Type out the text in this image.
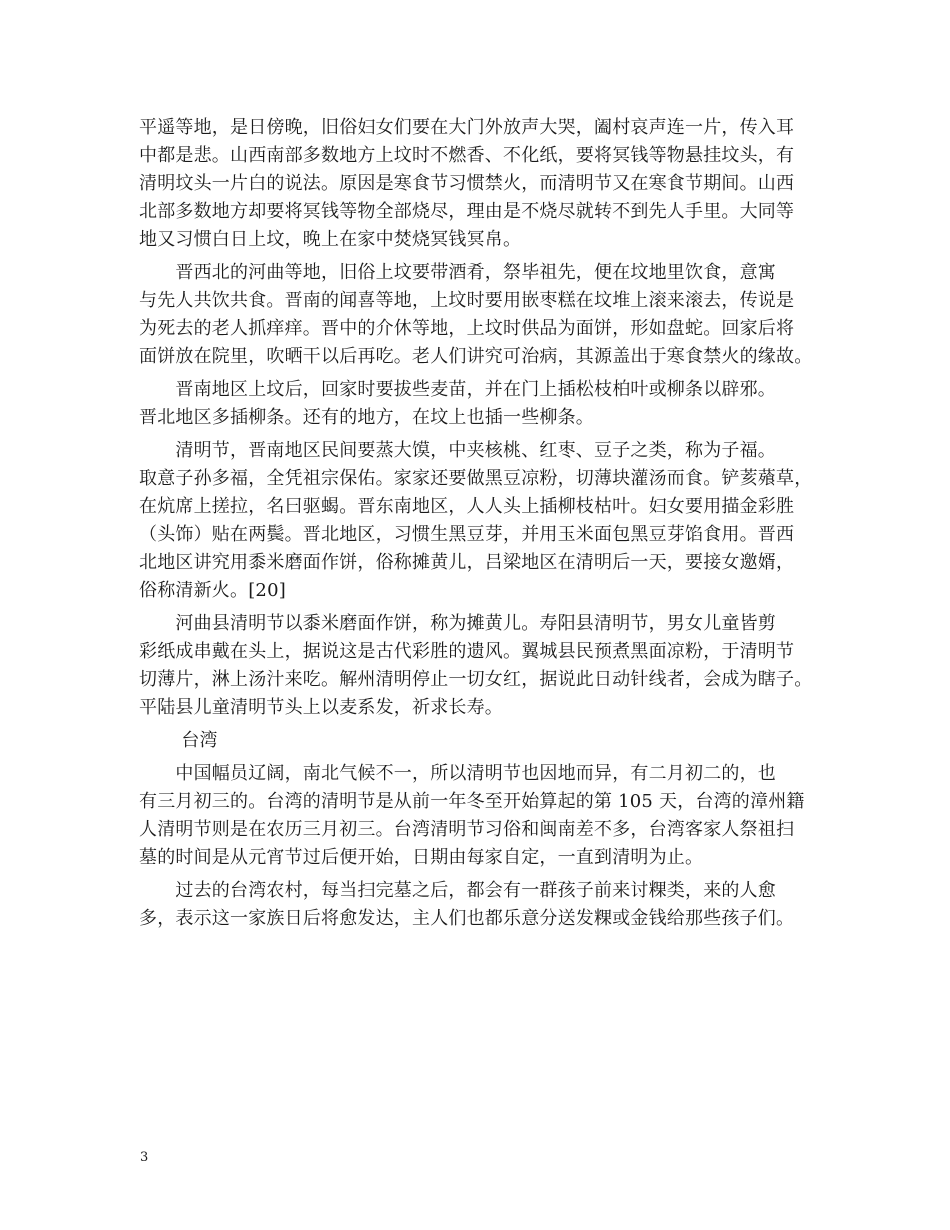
平遥等地，是日傍晚，旧俗妇女们要在大门外放声大哭，阖村哀声连一片，传入耳
中都是悲。山西南部多数地方上坟时不燃香、不化纸，要将冥钱等物悬挂坟头，有
清明坟头一片白的说法。原因是寒食节习惯禁火，而清明节又在寒食节期间。山西
北部多数地方却要将冥钱等物全部烧尽，理由是不烧尽就转不到先人手里。大同等
地又习惯白日上坟，晚上在家中焚烧冥钱冥帛。
　　晋西北的河曲等地，旧俗上坟要带酒肴，祭毕祖先，便在坟地里饮食，意寓
与先人共饮共食。晋南的闻喜等地，上坟时要用嵌枣糕在坟堆上滚来滚去，传说是
为死去的老人抓痒痒。晋中的介休等地，上坟时供品为面饼，形如盘蛇。回家后将
面饼放在院里，吹晒干以后再吃。老人们讲究可治病，其源盖出于寒食禁火的缘故。
　　晋南地区上坟后，回家时要拔些麦苗，并在门上插松枝柏叶或柳条以辟邪。
晋北地区多插柳条。还有的地方，在坟上也插一些柳条。
　　清明节，晋南地区民间要蒸大馍，中夹核桃、红枣、豆子之类，称为子福。
取意子孙多福，全凭祖宗保佑。家家还要做黑豆凉粉，切薄块灌汤而食。铲荄薞草，
在炕席上搓拉，名曰驱蝎。晋东南地区，人人头上插柳枝枯叶。妇女要用描金彩胜
（头饰）贴在两鬓。晋北地区，习惯生黑豆芽，并用玉米面包黑豆芽馅食用。晋西
北地区讲究用黍米磨面作饼，俗称摊黄儿，吕梁地区在清明后一天，要接女邀婿，
俗称清新火。[20]
　　河曲县清明节以黍米磨面作饼，称为摊黄儿。寿阳县清明节，男女儿童皆剪
彩纸成串戴在头上，据说这是古代彩胜的遗风。翼城县民预煮黑面凉粉，于清明节
切薄片，淋上汤汁来吃。解州清明停止一切女红，据说此日动针线者，会成为瞎子。
平陆县儿童清明节头上以麦系发，祈求长寿。
　　 台湾
　　中国幅员辽阔，南北气候不一，所以清明节也因地而异，有二月初二的，也
有三月初三的。台湾的清明节是从前一年冬至开始算起的第 105 天，台湾的漳州籍
人清明节则是在农历三月初三。台湾清明节习俗和闽南差不多，台湾客家人祭祖扫
墓的时间是从元宵节过后便开始，日期由每家自定，一直到清明为止。
　　过去的台湾农村，每当扫完墓之后，都会有一群孩子前来讨粿类，来的人愈
多，表示这一家族日后将愈发达，主人们也都乐意分送发粿或金钱给那些孩子们。
3
